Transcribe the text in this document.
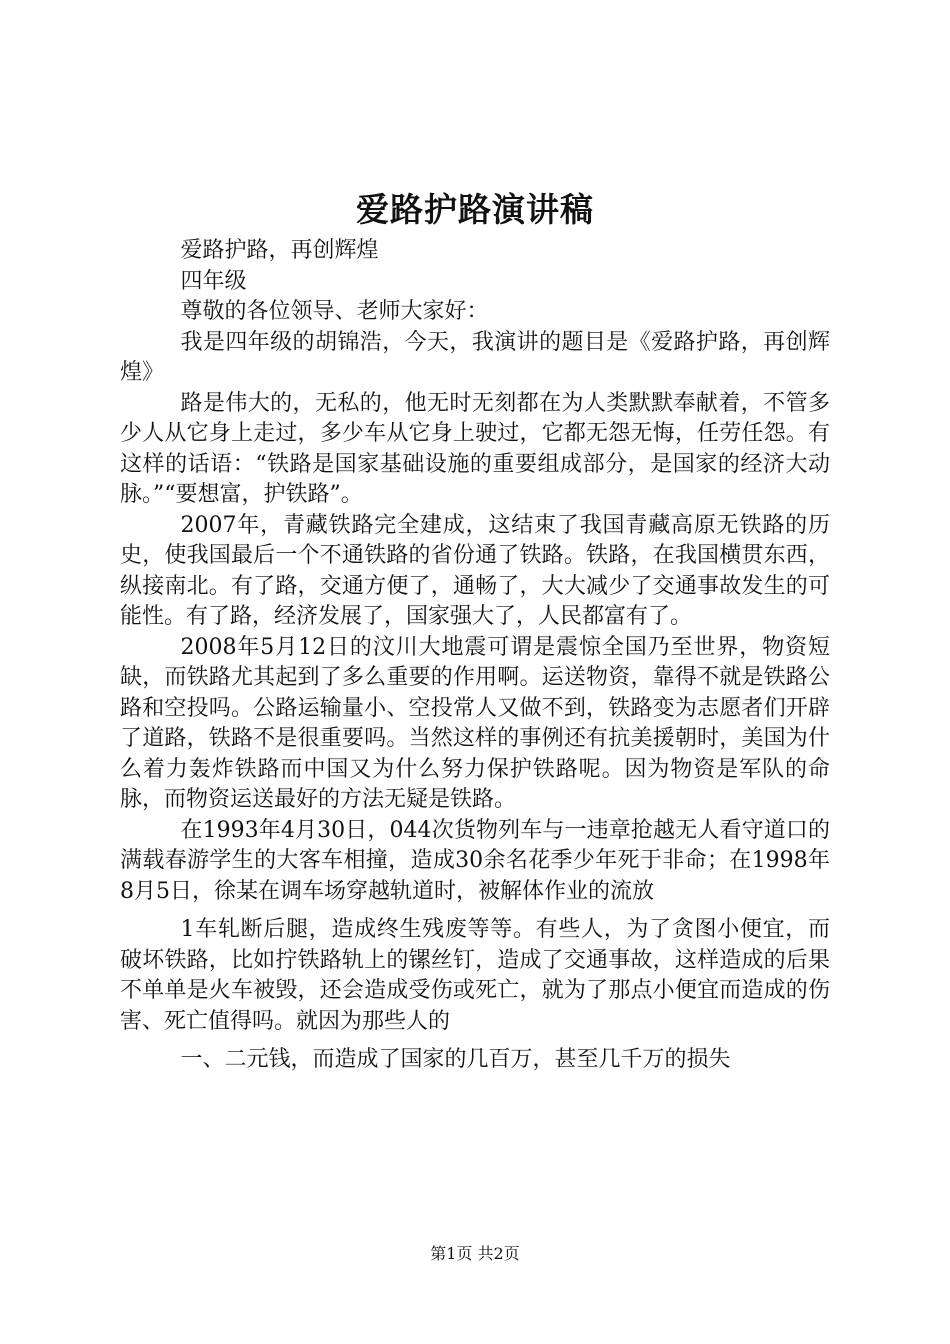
爱路护路演讲稿

爱路护路，再创辉煌

四年级

尊敬的各位领导、老师大家好：

我是四年级的胡锦浩，今天，我演讲的题目是《爱路护路，再创辉煌》

路是伟大的，无私的，他无时无刻都在为人类默默奉献着，不管多少人从它身上走过，多少车从它身上驶过，它都无怨无悔，任劳任怨。有这样的话语：“铁路是国家基础设施的重要组成部分，是国家的经济大动脉。”“要想富，护铁路”。

2007年，青藏铁路完全建成，这结束了我国青藏高原无铁路的历史，使我国最后一个不通铁路的省份通了铁路。铁路，在我国横贯东西，纵接南北。有了路，交通方便了，通畅了，大大减少了交通事故发生的可能性。有了路，经济发展了，国家强大了，人民都富有了。

2008年5月12日的汶川大地震可谓是震惊全国乃至世界，物资短缺，而铁路尤其起到了多么重要的作用啊。运送物资，靠得不就是铁路公路和空投吗。公路运输量小、空投常人又做不到，铁路变为志愿者们开辟了道路，铁路不是很重要吗。当然这样的事例还有抗美援朝时，美国为什么着力轰炸铁路而中国又为什么努力保护铁路呢。因为物资是军队的命脉，而物资运送最好的方法无疑是铁路。

在1993年4月30日，044次货物列车与一违章抢越无人看守道口的满载春游学生的大客车相撞，造成30余名花季少年死于非命；在1998年8月5日，徐某在调车场穿越轨道时，被解体作业的流放

1车轧断后腿，造成终生残废等等。有些人，为了贪图小便宜，而破坏铁路，比如拧铁路轨上的镙丝钉，造成了交通事故，这样造成的后果不单单是火车被毁，还会造成受伤或死亡，就为了那点小便宜而造成的伤害、死亡值得吗。就因为那些人的

一、二元钱，而造成了国家的几百万，甚至几千万的损失

第1页 共2页
